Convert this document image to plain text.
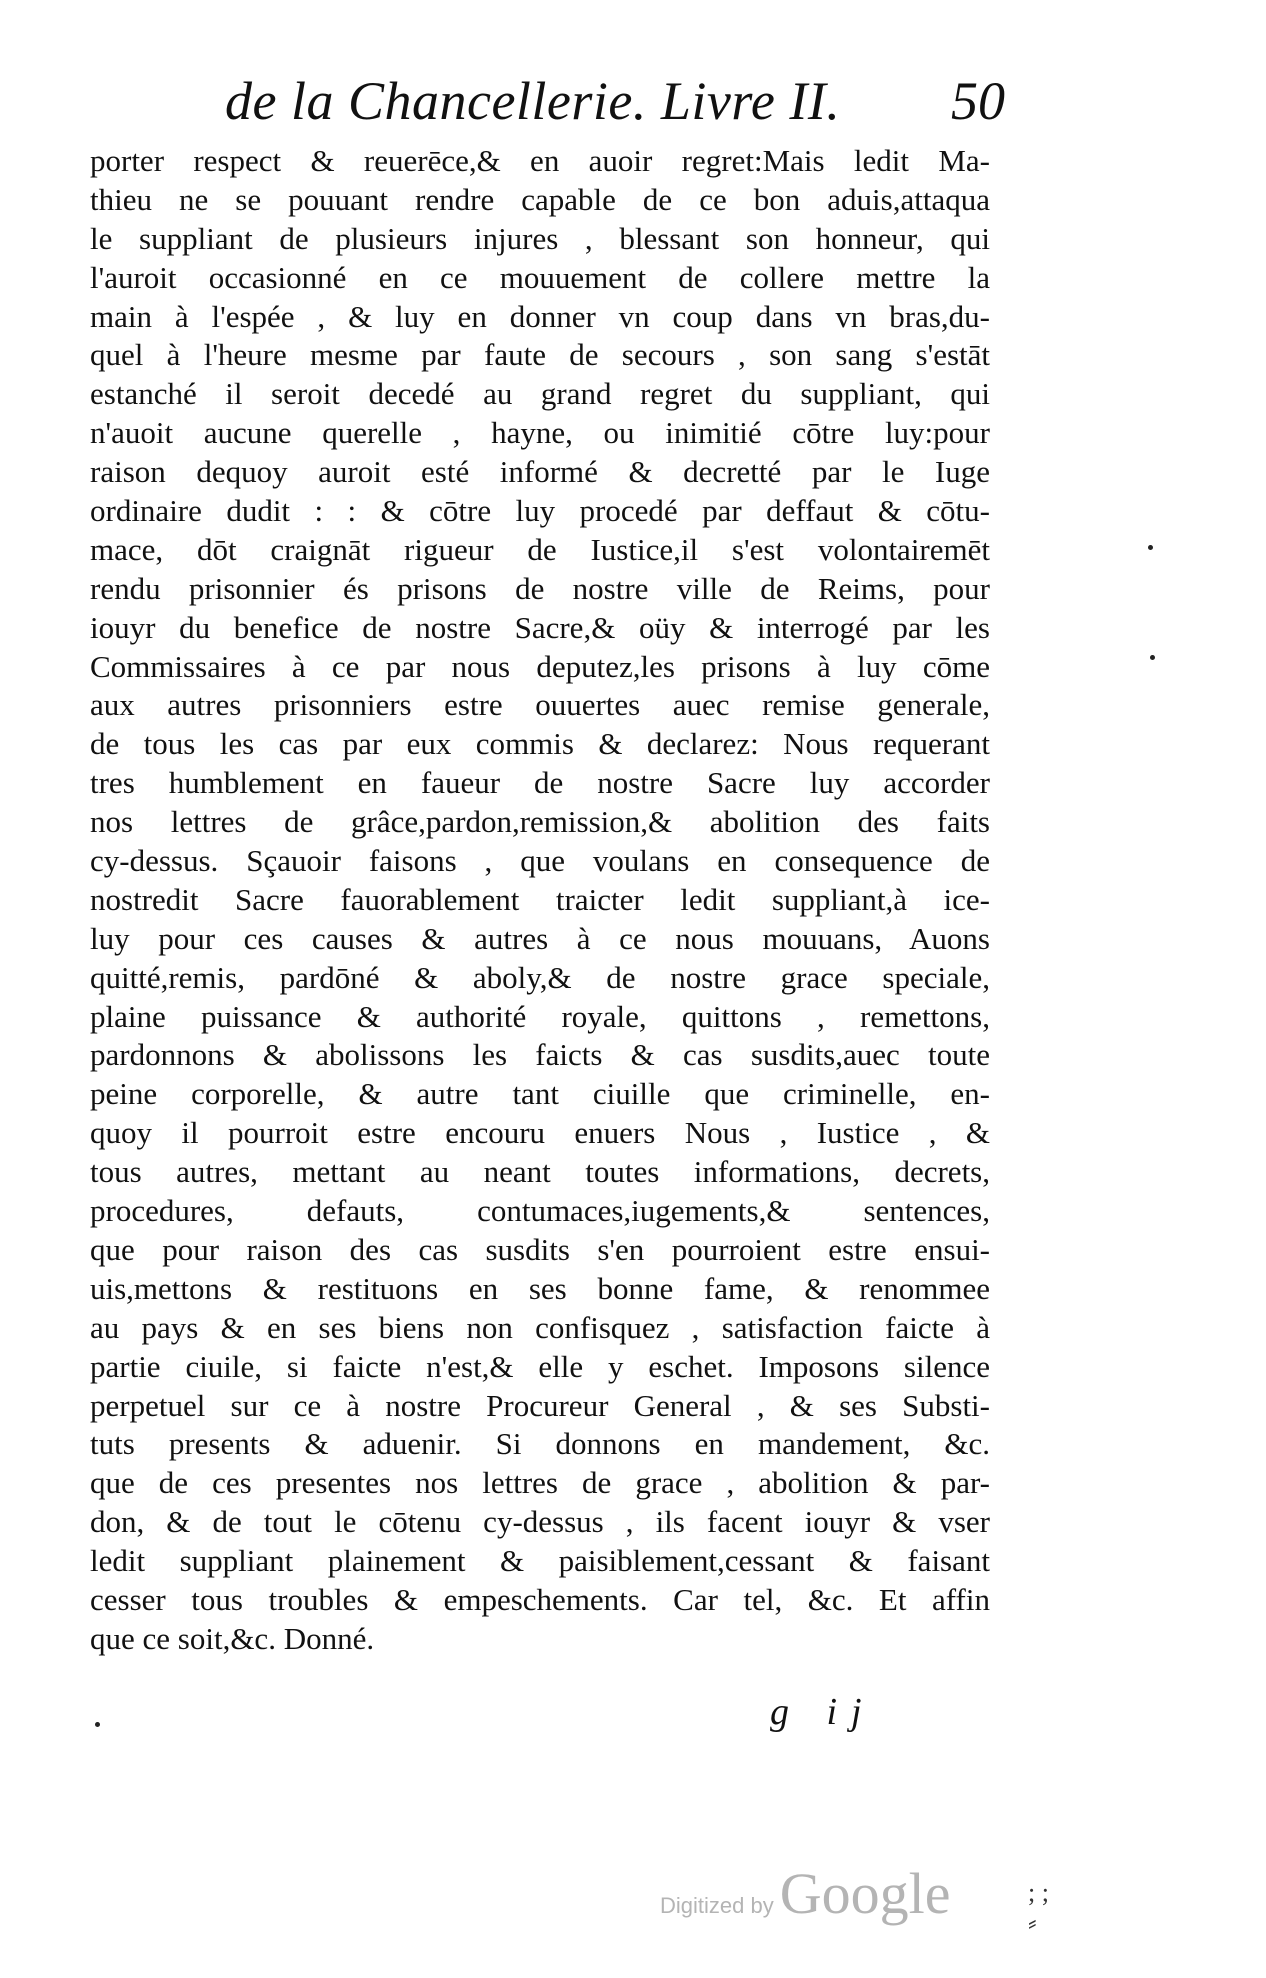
de la Chancellerie. Livre II. 50
porter respect & reuerēce,& en auoir regret:Mais ledit Ma-
thieu ne se pouuant rendre capable de ce bon aduis,attaqua
le suppliant de plusieurs injures , blessant son honneur, qui
l'auroit occasionné en ce mouuement de collere mettre la
main à l'espée , & luy en donner vn coup dans vn bras,du-
quel à l'heure mesme par faute de secours , son sang s'estāt
estanché il seroit decedé au grand regret du suppliant, qui
n'auoit aucune querelle , hayne, ou inimitié cōtre luy:pour
raison dequoy auroit esté informé & decretté par le Iuge
ordinaire dudit : : & cōtre luy procedé par deffaut & cōtu-
mace, dōt craignāt rigueur de Iustice,il s'est volontairemēt
rendu prisonnier és prisons de nostre ville de Reims, pour
iouyr du benefice de nostre Sacre,& oüy & interrogé par les
Commissaires à ce par nous deputez,les prisons à luy cōme
aux autres prisonniers estre ouuertes auec remise generale,
de tous les cas par eux commis & declarez: Nous requerant
tres humblement en faueur de nostre Sacre luy accorder
nos lettres de grâce,pardon,remission,& abolition des faits
cy-dessus. Sçauoir faisons , que voulans en consequence de
nostredit Sacre fauorablement traicter ledit suppliant,à ice-
luy pour ces causes & autres à ce nous mouuans, Auons
quitté,remis, pardōné & aboly,& de nostre grace speciale,
plaine puissance & authorité royale, quittons , remettons,
pardonnons & abolissons les faicts & cas susdits,auec toute
peine corporelle, & autre tant ciuille que criminelle, en-
quoy il pourroit estre encouru enuers Nous , Iustice , &
tous autres, mettant au neant toutes informations, decrets,
procedures, defauts, contumaces,iugements,& sentences,
que pour raison des cas susdits s'en pourroient estre ensui-
uis,mettons & restituons en ses bonne fame, & renommee
au pays & en ses biens non confisquez , satisfaction faicte à
partie ciuile, si faicte n'est,& elle y eschet. Imposons silence
perpetuel sur ce à nostre Procureur General , & ses Substi-
tuts presents & aduenir. Si donnons en mandement, &c.
que de ces presentes nos lettres de grace , abolition & par-
don, & de tout le cōtenu cy-dessus , ils facent iouyr & vser
ledit suppliant plainement & paisiblement,cessant & faisant
cesser tous troubles & empeschements. Car tel, &c. Et affin
que ce soit,&c. Donné.
g ij
Digitized by Google	; ;
⸗
